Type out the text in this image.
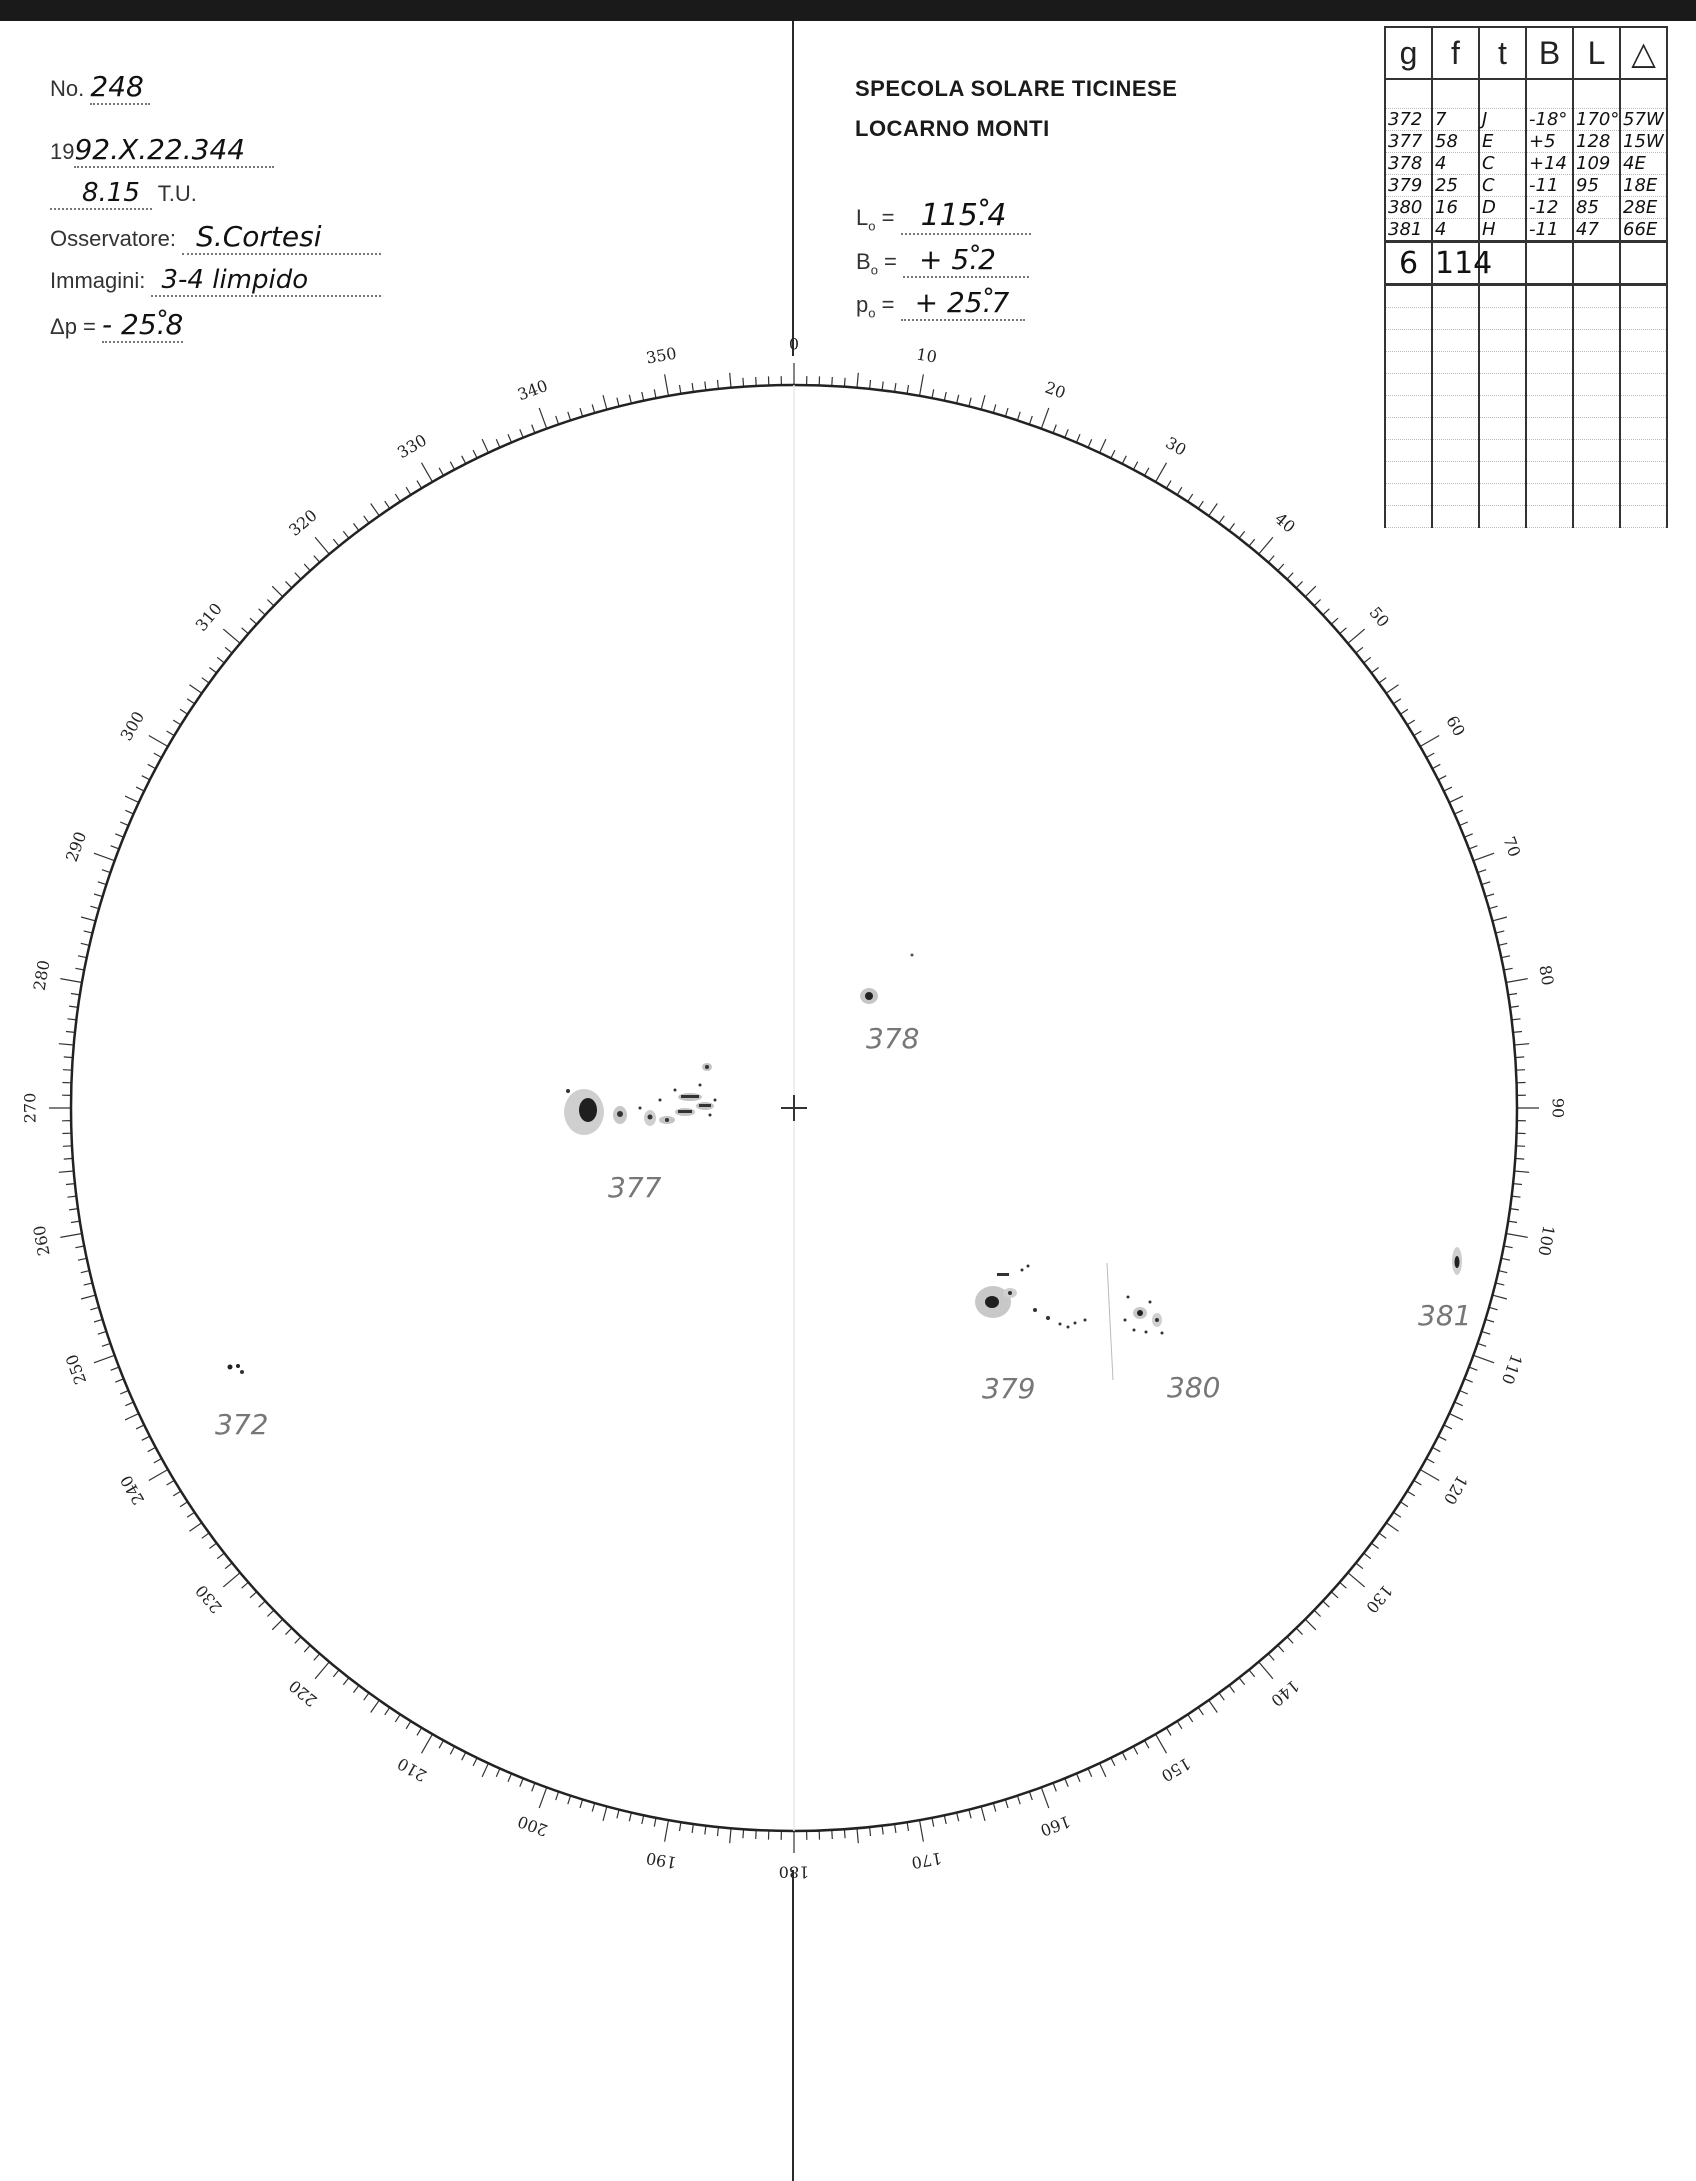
No. 248
1992.Ⅹ.22.344
8.15 T.U.
Osservatore: S.Cortesi
Immagini: 3-4 limpido
Δp = - 25.̊8
SPECOLA SOLARE TICINESE
LOCARNO MONTI
$L_o$ = 115.̊4
$B_o$ = + 5.̊2
$p_o$ = + 25.̊7
0
10
20
30
40
50
60
70
80
90
100
110
120
130
140
150
160
170
180
190
200
210
220
230
240
250
260
270
280
290
300
310
320
330
340
350
372
377
378
379	380
381
g	f	t	B	L	△

372	7	J	-18°	170°	57W
377	58	E	+5	128	15W
378	4	C	+14	109	4E
379	25	C	-11	95	18E
380	16	D	-12	85	28E
381	4	H	-11	47	66E
6	114				
